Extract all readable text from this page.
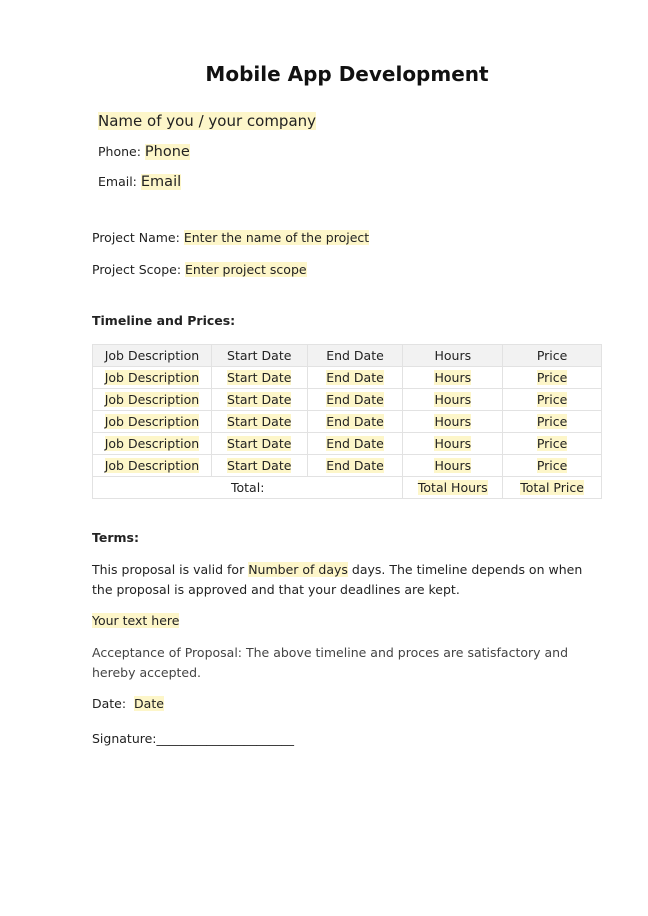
Mobile App Development
Name of you / your company
Phone: Phone
Email: Email
Project Name: Enter the name of the project
Project Scope: Enter project scope
Timeline and Prices:
Job Description	Start Date	End Date	Hours	Price
Job Description	Start Date	End Date	Hours	Price
Job Description	Start Date	End Date	Hours	Price
Job Description	Start Date	End Date	Hours	Price
Job Description	Start Date	End Date	Hours	Price
Job Description	Start Date	End Date	Hours	Price
Total:			Total Hours	Total Price
Terms:
This proposal is valid for Number of days days. The timeline depends on when the proposal is approved and that your deadlines are kept.
Your text here
Acceptance of Proposal: The above timeline and proces are satisfactory and hereby accepted.
Date: Date
Signature:______________________
